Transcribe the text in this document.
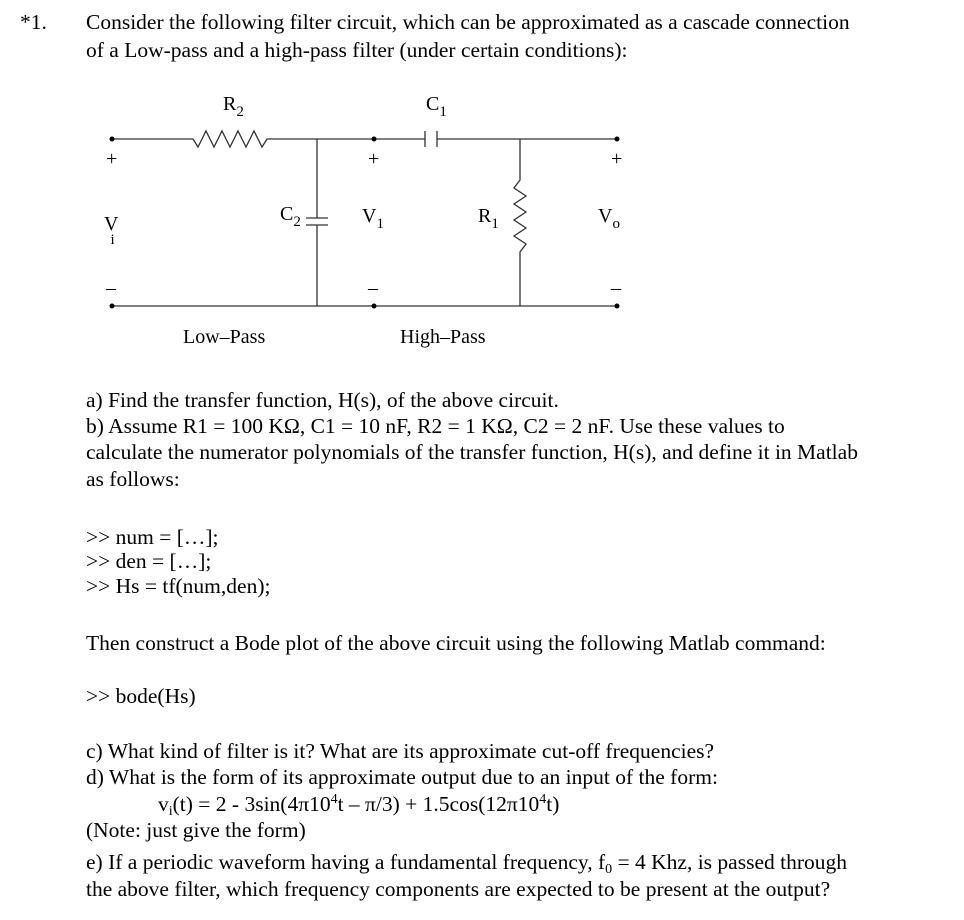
*1. Consider the following filter circuit, which can be approximated as a cascade connection
of a Low-pass and a high-pass filter (under certain conditions):
$R_2$	$C_1$
$C_2$	$R_1$
V i
$V_1$	$V_o$
+	+	+
–	–	–
Low–Pass	High–Pass
a) Find the transfer function, H(s), of the above circuit.
b) Assume R1 = 100 KΩ, C1 = 10 nF, R2 = 1 KΩ, C2 = 2 nF. Use these values to
calculate the numerator polynomials of the transfer function, H(s), and define it in Matlab
as follows:
>> num = […];
>> den = […];
>> Hs = tf(num,den);
Then construct a Bode plot of the above circuit using the following Matlab command:
>> bode(Hs)
c) What kind of filter is it? What are its approximate cut-off frequencies?
d) What is the form of its approximate output due to an input of the form:
$v_i(t) = 2 - 3\sin(4\pi 10^4t - \pi/3) + 1.5\cos(12\pi 10^4t)$
(Note: just give the form)
e) If a periodic waveform having a fundamental frequency, $f_0 = 4$ Khz, is passed through
the above filter, which frequency components are expected to be present at the output?
